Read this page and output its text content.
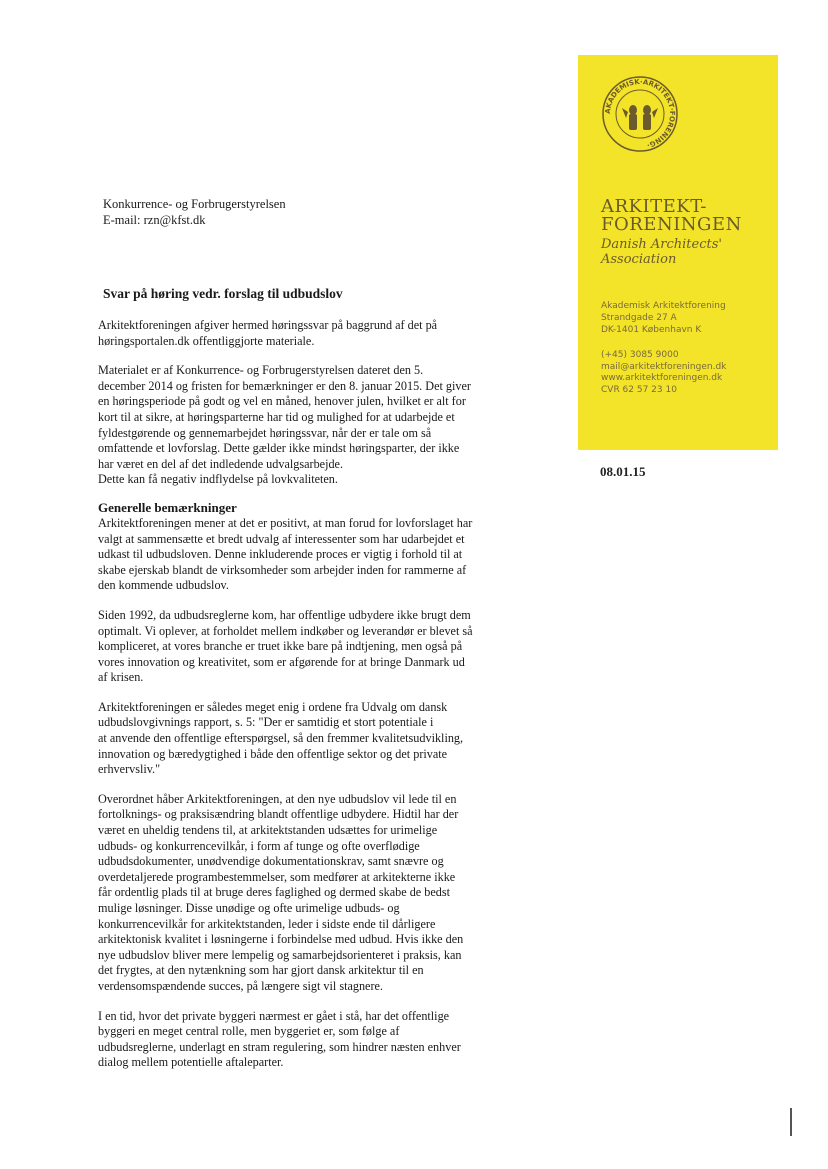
AKADEMISK·ARKITEKT·FORENING·
ARKITEKT-
FORENINGEN
Danish Architects'
Association
Akademisk Arkitektforening
Strandgade 27 A
DK-1401 København K
(+45) 3085 9000
mail@arkitektforeningen.dk
www.arkitektforeningen.dk
CVR 62 57 23 10
08.01.15
Konkurrence- og Forbrugerstyrelsen
E-mail: rzn@kfst.dk
Svar på høring vedr. forslag til udbudslov

Arkitektforeningen afgiver hermed høringssvar på baggrund af det på
høringsportalen.dk offentliggjorte materiale.

Materialet er af Konkurrence- og Forbrugerstyrelsen dateret den 5.
december 2014 og fristen for bemærkninger er den 8. januar 2015. Det giver
en høringsperiode på godt og vel en måned, henover julen, hvilket er alt for
kort til at sikre, at høringsparterne har tid og mulighed for at udarbejde et
fyldestgørende og gennemarbejdet høringssvar, når der er tale om så
omfattende et lovforslag. Dette gælder ikke mindst høringsparter, der ikke
har været en del af det indledende udvalgsarbejde.
Dette kan få negativ indflydelse på lovkvaliteten.

Generelle bemærkninger

Arkitektforeningen mener at det er positivt, at man forud for lovforslaget har
valgt at sammensætte et bredt udvalg af interessenter som har udarbejdet et
udkast til udbudsloven. Denne inkluderende proces er vigtig i forhold til at
skabe ejerskab blandt de virksomheder som arbejder inden for rammerne af
den kommende udbudslov.

Siden 1992, da udbudsreglerne kom, har offentlige udbydere ikke brugt dem
optimalt. Vi oplever, at forholdet mellem indkøber og leverandør er blevet så
kompliceret, at vores branche er truet ikke bare på indtjening, men også på
vores innovation og kreativitet, som er afgørende for at bringe Danmark ud
af krisen.

Arkitektforeningen er således meget enig i ordene fra Udvalg om dansk
udbudslovgivnings rapport, s. 5: "Der er samtidig et stort potentiale i
at anvende den offentlige efterspørgsel, så den fremmer kvalitetsudvikling,
innovation og bæredygtighed i både den offentlige sektor og det private
erhvervsliv."

Overordnet håber Arkitektforeningen, at den nye udbudslov vil lede til en
fortolknings- og praksisændring blandt offentlige udbydere. Hidtil har der
været en uheldig tendens til, at arkitektstanden udsættes for urimelige
udbuds- og konkurrencevilkår, i form af tunge og ofte overflødige
udbudsdokumenter, unødvendige dokumentationskrav, samt snævre og
overdetaljerede programbestemmelser, som medfører at arkitekterne ikke
får ordentlig plads til at bruge deres faglighed og dermed skabe de bedst
mulige løsninger. Disse unødige og ofte urimelige udbuds- og
konkurrencevilkår for arkitektstanden, leder i sidste ende til dårligere
arkitektonisk kvalitet i løsningerne i forbindelse med udbud. Hvis ikke den
nye udbudslov bliver mere lempelig og samarbejdsorienteret i praksis, kan
det frygtes, at den nytænkning som har gjort dansk arkitektur til en
verdensomspændende succes, på længere sigt vil stagnere.

I en tid, hvor det private byggeri nærmest er gået i stå, har det offentlige
byggeri en meget central rolle, men byggeriet er, som følge af
udbudsreglerne, underlagt en stram regulering, som hindrer næsten enhver
dialog mellem potentielle aftaleparter.
